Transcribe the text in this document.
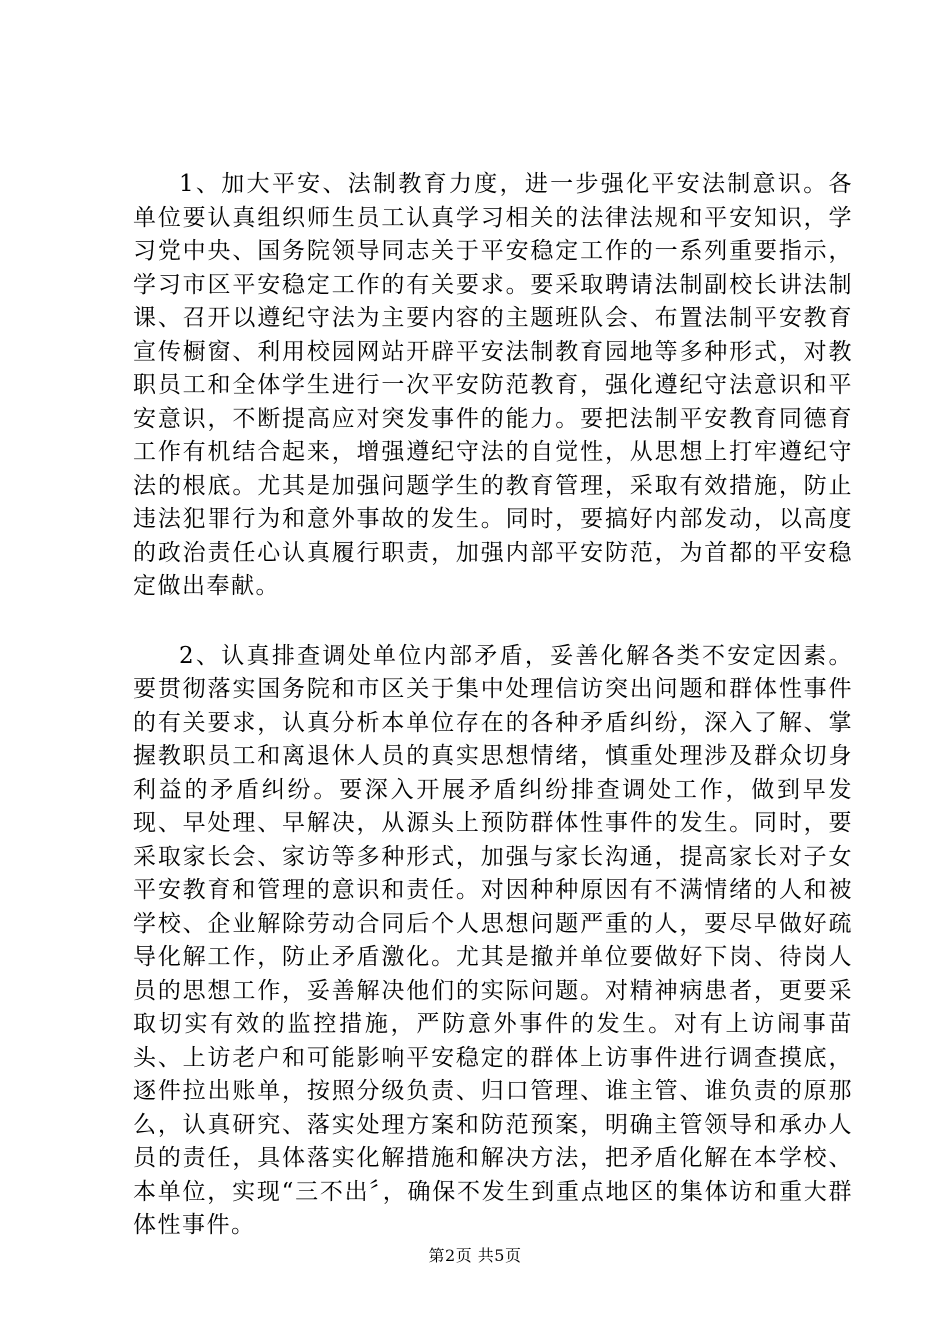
1、加大平安、法制教育力度，进一步强化平安法制意识。各单位要认真组织师生员工认真学习相关的法律法规和平安知识，学习党中央、国务院领导同志关于平安稳定工作的一系列重要指示，学习市区平安稳定工作的有关要求。要采取聘请法制副校长讲法制课、召开以遵纪守法为主要内容的主题班队会、布置法制平安教育宣传橱窗、利用校园网站开辟平安法制教育园地等多种形式，对教职员工和全体学生进行一次平安防范教育，强化遵纪守法意识和平安意识，不断提高应对突发事件的能力。要把法制平安教育同德育工作有机结合起来，增强遵纪守法的自觉性，从思想上打牢遵纪守法的根底。尤其是加强问题学生的教育管理，采取有效措施，防止违法犯罪行为和意外事故的发生。同时，要搞好内部发动，以高度的政治责任心认真履行职责，加强内部平安防范，为首都的平安稳定做出奉献。

2、认真排查调处单位内部矛盾，妥善化解各类不安定因素。要贯彻落实国务院和市区关于集中处理信访突出问题和群体性事件的有关要求，认真分析本单位存在的各种矛盾纠纷，深入了解、掌握教职员工和离退休人员的真实思想情绪，慎重处理涉及群众切身利益的矛盾纠纷。要深入开展矛盾纠纷排查调处工作，做到早发现、早处理、早解决，从源头上预防群体性事件的发生。同时，要采取家长会、家访等多种形式，加强与家长沟通，提高家长对子女平安教育和管理的意识和责任。对因种种原因有不满情绪的人和被学校、企业解除劳动合同后个人思想问题严重的人，要尽早做好疏导化解工作，防止矛盾激化。尤其是撤并单位要做好下岗、待岗人员的思想工作，妥善解决他们的实际问题。对精神病患者，更要采取切实有效的监控措施，严防意外事件的发生。对有上访闹事苗头、上访老户和可能影响平安稳定的群体上访事件进行调查摸底，逐件拉出账单，按照分级负责、归口管理、谁主管、谁负责的原那么，认真研究、落实处理方案和防范预案，明确主管领导和承办人员的责任，具体落实化解措施和解决方法，把矛盾化解在本学校、本单位，实现“三不出〞，确保不发生到重点地区的集体访和重大群体性事件。

第2页 共5页
